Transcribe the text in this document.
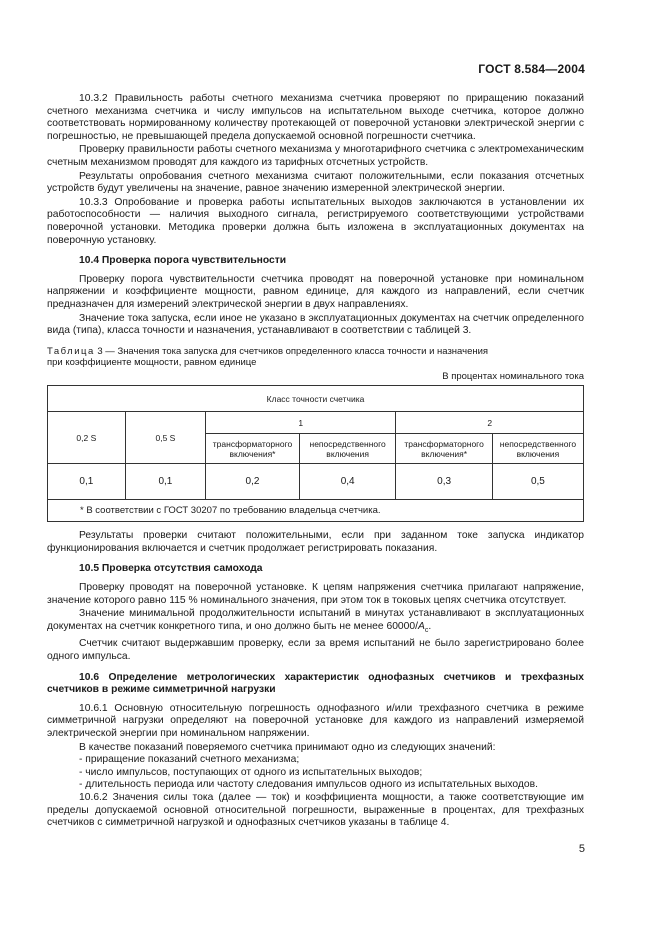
ГОСТ 8.584—2004

10.3.2 Правильность работы счетного механизма счетчика проверяют по приращению показаний счетного механизма счетчика и числу импульсов на испытательном выходе счетчика, которое должно соответствовать нормированному количеству протекающей от поверочной установки электрической энергии с погрешностью, не превышающей предела допускаемой основной погрешности счетчика.

Проверку правильности работы счетного механизма у многотарифного счетчика с электромеханическим счетным механизмом проводят для каждого из тарифных отсчетных устройств.

Результаты опробования счетного механизма считают положительными, если показания отсчетных устройств будут увеличены на значение, равное значению измеренной электрической энергии.

10.3.3 Опробование и проверка работы испытательных выходов заключаются в установлении их работоспособности — наличия выходного сигнала, регистрируемого соответствующими устройствами поверочной установки. Методика проверки должна быть изложена в эксплуатационных документах на поверочную установку.

10.4 Проверка порога чувствительности

Проверку порога чувствительности счетчика проводят на поверочной установке при номинальном напряжении и коэффициенте мощности, равном единице, для каждого из направлений, если счетчик предназначен для измерений электрической энергии в двух направлениях.

Значение тока запуска, если иное не указано в эксплуатационных документах на счетчик определенного вида (типа), класса точности и назначения, устанавливают в соответствии с таблицей 3.

Таблица 3 — Значения тока запуска для счетчиков определенного класса точности и назначения
при коэффициенте мощности, равном единице
В процентах номинального тока
Класс точности счетчика					
0,2 S	0,5 S	1		2	
		трансформаторного включения*	непосредственного включения	трансформаторного включения*	непосредственного включения
0,1	0,1	0,2	0,4	0,3	0,5
* В соответствии с ГОСТ 30207 по требованию владельца счетчика.					

Результаты проверки считают положительными, если при заданном токе запуска индикатор функционирования включается и счетчик продолжает регистрировать показания.

10.5 Проверка отсутствия самохода

Проверку проводят на поверочной установке. К цепям напряжения счетчика прилагают напряжение, значение которого равно 115 % номинального значения, при этом ток в токовых цепях счетчика отсутствует.

Значение минимальной продолжительности испытаний в минутах устанавливают в эксплуатационных документах на счетчик конкретного типа, и оно должно быть не менее $60000/A_c$.

Счетчик считают выдержавшим проверку, если за время испытаний не было зарегистрировано более одного импульса.

10.6 Определение метрологических характеристик однофазных счетчиков и трехфазных счетчиков в режиме симметричной нагрузки

10.6.1 Основную относительную погрешность однофазного и/или трехфазного счетчика в режиме симметричной нагрузки определяют на поверочной установке для каждого из направлений измеряемой электрической энергии при номинальном напряжении.

В качестве показаний поверяемого счетчика принимают одно из следующих значений:

- приращение показаний счетного механизма;

- число импульсов, поступающих от одного из испытательных выходов;

- длительность периода или частоту следования импульсов одного из испытательных выходов.

10.6.2 Значения силы тока (далее — ток) и коэффициента мощности, а также соответствующие им пределы допускаемой основной относительной погрешности, выраженные в процентах, для трехфазных счетчиков с симметричной нагрузкой и однофазных счетчиков указаны в таблице 4.

5
